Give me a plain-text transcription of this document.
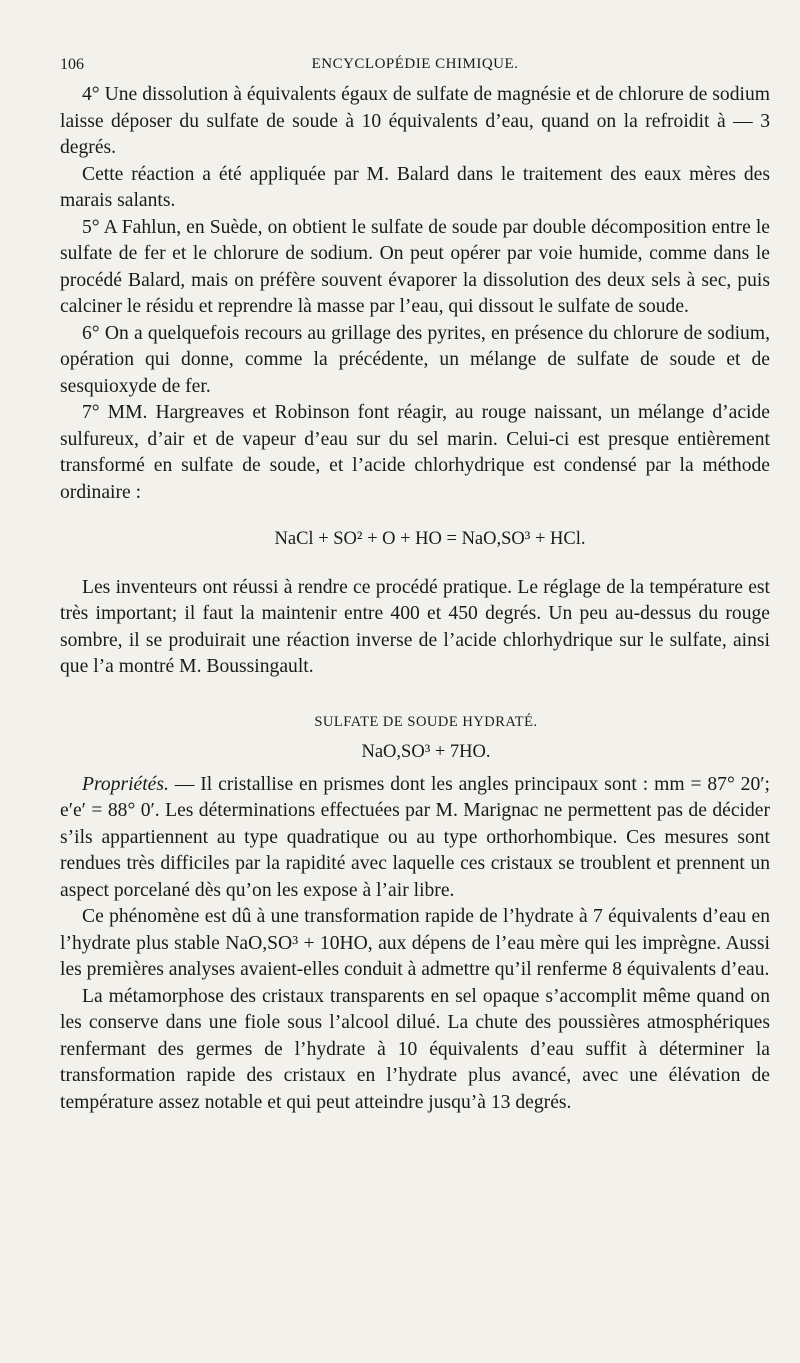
106	ENCYCLOPÉDIE CHIMIQUE.

4° Une dissolution à équivalents égaux de sulfate de magnésie et de chlorure de sodium laisse déposer du sulfate de soude à 10 équivalents d’eau, quand on la refroidit à — 3 degrés.

Cette réaction a été appliquée par M. Balard dans le traitement des eaux mères des marais salants.

5° A Fahlun, en Suède, on obtient le sulfate de soude par double décomposition entre le sulfate de fer et le chlorure de sodium. On peut opérer par voie humide, comme dans le procédé Balard, mais on préfère souvent évaporer la dissolution des deux sels à sec, puis calciner le résidu et reprendre là masse par l’eau, qui dissout le sulfate de soude.

6° On a quelquefois recours au grillage des pyrites, en présence du chlorure de sodium, opération qui donne, comme la précédente, un mélange de sulfate de soude et de sesquioxyde de fer.

7° MM. Hargreaves et Robinson font réagir, au rouge naissant, un mélange d’acide sulfureux, d’air et de vapeur d’eau sur du sel marin. Celui-ci est presque entièrement transformé en sulfate de soude, et l’acide chlorhydrique est condensé par la méthode ordinaire :

NaCl + SO² + O + HO = NaO,SO³ + HCl.

Les inventeurs ont réussi à rendre ce procédé pratique. Le réglage de la température est très important; il faut la maintenir entre 400 et 450 degrés. Un peu au-dessus du rouge sombre, il se produirait une réaction inverse de l’acide chlorhydrique sur le sulfate, ainsi que l’a montré M. Boussingault.

SULFATE DE SOUDE HYDRATÉ.
NaO,SO³ + 7HO.

Propriétés. — Il cristallise en prismes dont les angles principaux sont : mm = 87° 20′; e′e′ = 88° 0′. Les déterminations effectuées par M. Marignac ne permettent pas de décider s’ils appartiennent au type quadratique ou au type orthorhombique. Ces mesures sont rendues très difficiles par la rapidité avec laquelle ces cristaux se troublent et prennent un aspect porcelané dès qu’on les expose à l’air libre.

Ce phénomène est dû à une transformation rapide de l’hydrate à 7 équivalents d’eau en l’hydrate plus stable NaO,SO³ + 10HO, aux dépens de l’eau mère qui les imprègne. Aussi les premières analyses avaient-elles conduit à admettre qu’il renferme 8 équivalents d’eau.

La métamorphose des cristaux transparents en sel opaque s’accomplit même quand on les conserve dans une fiole sous l’alcool dilué. La chute des poussières atmosphériques renfermant des germes de l’hydrate à 10 équivalents d’eau suffit à déterminer la transformation rapide des cristaux en l’hydrate plus avancé, avec une élévation de température assez notable et qui peut atteindre jusqu’à 13 degrés.
